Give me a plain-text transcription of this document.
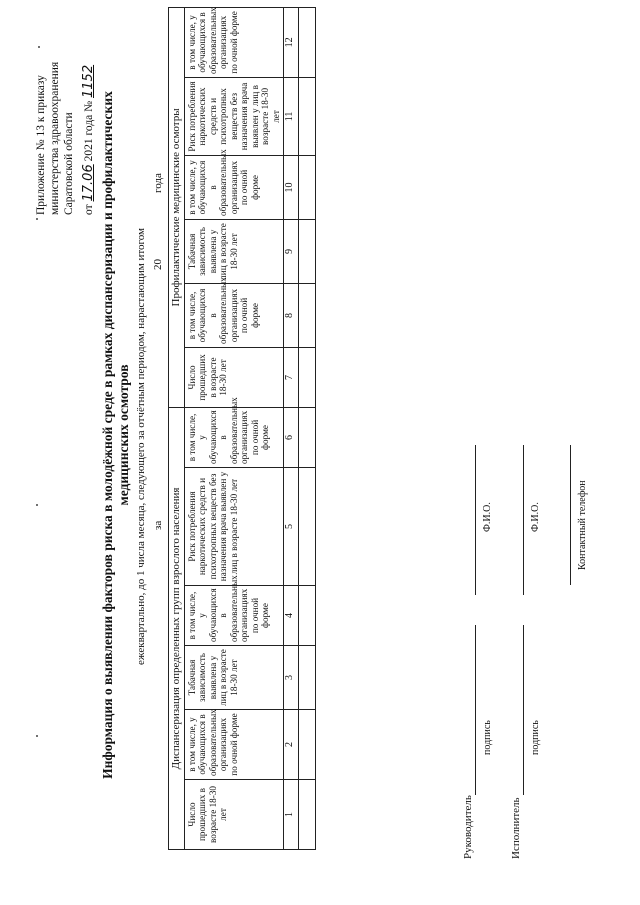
Приложение № 13 к приказу министерства здравоохранения Саратовской области от 17.06 2021 года № 1152
Информация о выявлении факторов риска в молодёжной среде в рамках диспансеризации и профилактических медицинских осмотров ежеквартально, до 1 числа месяца, следующего за отчётным периодом, нарастающим итогом за
20
года
Диспансеризация определенных групп взрослого населения						Профилактические медицинские осмотры					
Число прошедших в возрасте 18-30 лет	в том числе, у обучающихся в образовательных организациях по очной форме	Табачная зависимость выявлена у лиц в возрасте 18-30 лет	в том числе, у обучающихся в образовательных организациях по очной форме	Риск потребления наркотических средств и психотропных веществ без назначения врача выявлен у лиц в возрасте 18-30 лет	в том числе, у обучающихся в образовательных организациях по очной форме	Число прошедших в возрасте 18-30 лет	в том числе, обучающихся в образовательных организациях по очной форме	Табачная зависимость выявлена у лиц в возрасте 18-30 лет	в том числе, у обучающихся в образовательных организациях по очной форме	Риск потребления наркотических средств и психотропных веществ без назначения врача выявлен у лиц в возрасте 18-30 лет	в том числе, у обучающихся в образовательных организациях по очной форме
1	2	3	4	5	6	7	8	9	10	11	12

Руководитель
подпись
Ф.И.О.
Исполнитель
подпись
Ф.И.О.	Контактный телефон
